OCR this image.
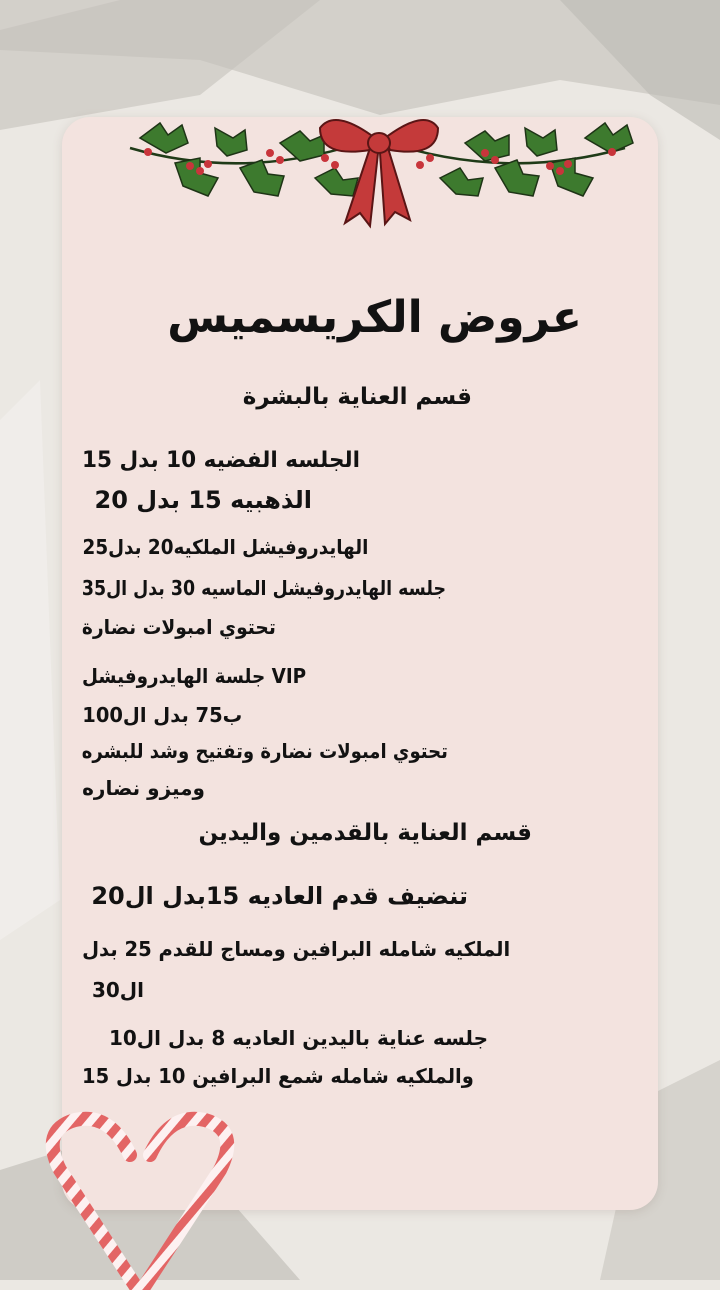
عروض الكريسميس
قسم العناية بالبشرة
الجلسه الفضيه 10 بدل 15
الذهبيه 15 بدل 20
الهايدروفيشل الملكيه20 بدل25
جلسه الهايدروفيشل الماسيه 30 بدل ال35
تحتوي امبولات نضارة
VIP جلسة الهايدروفيشل
ب75 بدل ال100
تحتوي امبولات نضارة وتفتيح وشد للبشره
وميزو نضاره
قسم العناية بالقدمين واليدين
تنضيف قدم العاديه 15بدل ال20
الملكيه شامله البرافين ومساج للقدم 25 بدل
ال30
جلسه عناية باليدين العاديه 8 بدل ال10
والملكيه شامله شمع البرافين 10 بدل 15
